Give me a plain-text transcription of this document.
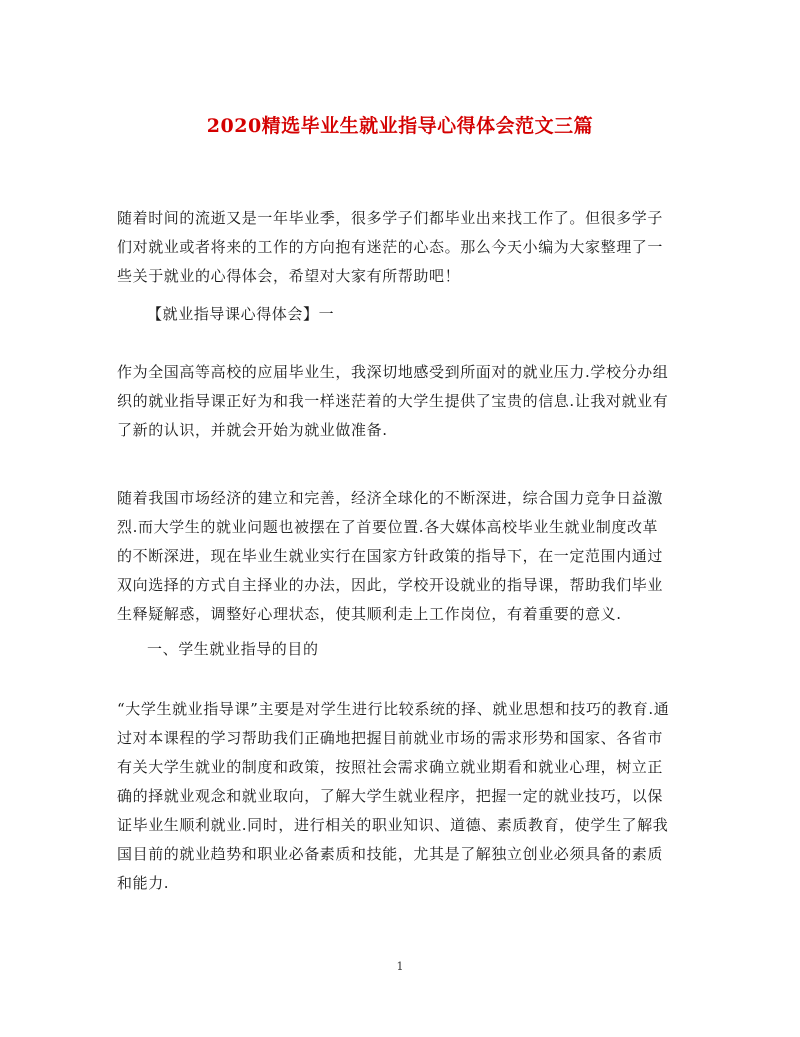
2020精选毕业生就业指导心得体会范文三篇

随着时间的流逝又是一年毕业季，很多学子们都毕业出来找工作了。但很多学子们对就业或者将来的工作的方向抱有迷茫的心态。那么今天小编为大家整理了一些关于就业的心得体会，希望对大家有所帮助吧！

【就业指导课心得体会】一

作为全国高等高校的应届毕业生，我深切地感受到所面对的就业压力.学校分办组织的就业指导课正好为和我一样迷茫着的大学生提供了宝贵的信息.让我对就业有了新的认识，并就会开始为就业做准备.

随着我国市场经济的建立和完善，经济全球化的不断深进，综合国力竞争日益激烈.而大学生的就业问题也被摆在了首要位置.各大媒体高校毕业生就业制度改革的不断深进，现在毕业生就业实行在国家方针政策的指导下，在一定范围内通过双向选择的方式自主择业的办法，因此，学校开设就业的指导课，帮助我们毕业生释疑解惑，调整好心理状态，使其顺利走上工作岗位，有着重要的意义.

一、学生就业指导的目的

“大学生就业指导课”主要是对学生进行比较系统的择、就业思想和技巧的教育.通过对本课程的学习帮助我们正确地把握目前就业市场的需求形势和国家、各省市有关大学生就业的制度和政策，按照社会需求确立就业期看和就业心理，树立正确的择就业观念和就业取向，了解大学生就业程序，把握一定的就业技巧，以保证毕业生顺利就业.同时，进行相关的职业知识、道德、素质教育，使学生了解我国目前的就业趋势和职业必备素质和技能，尤其是了解独立创业必须具备的素质和能力.

1
